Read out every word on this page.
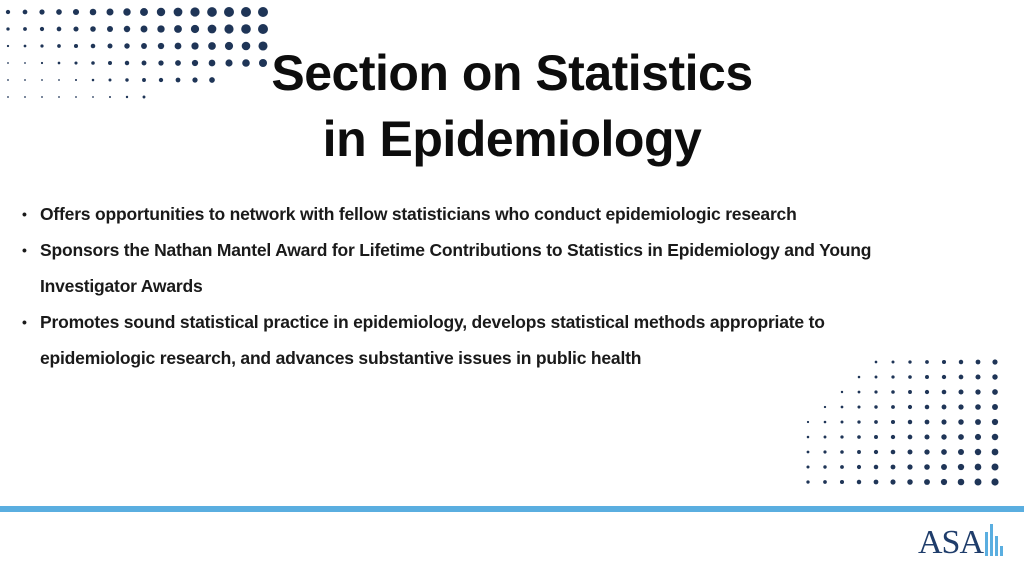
Section on Statistics
in Epidemiology
• Offers opportunities to network with fellow statisticians who conduct epidemiologic research
• Sponsors the Nathan Mantel Award for Lifetime Contributions to Statistics in Epidemiology and Young
Investigator Awards
• Promotes sound statistical practice in epidemiology, develops statistical methods appropriate to
epidemiologic research, and advances substantive issues in public health
ASA
